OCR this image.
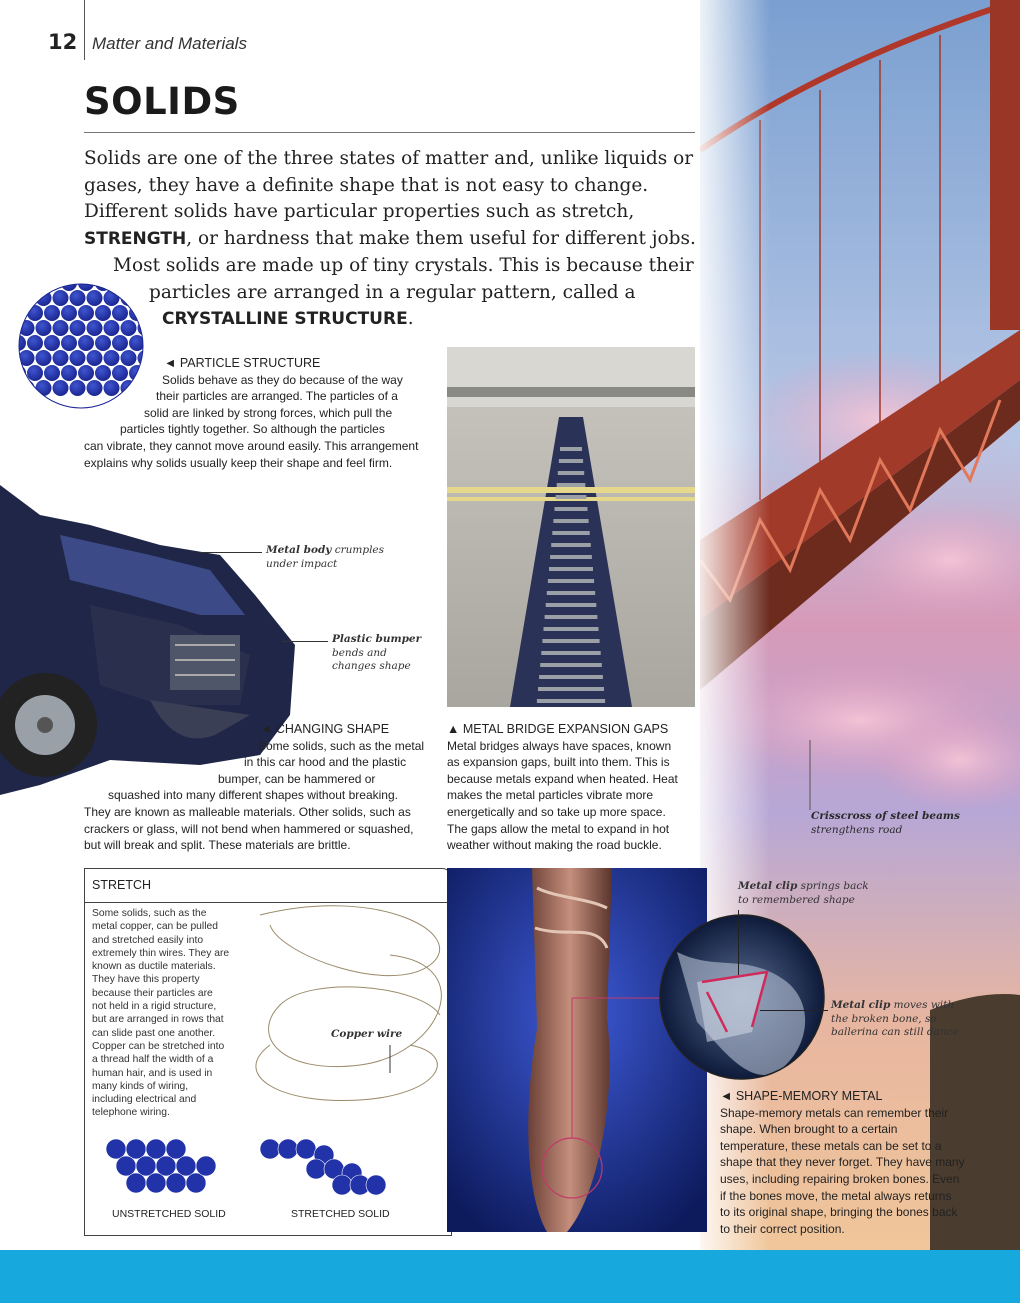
12 Matter and Materials
SOLIDS
Solids are one of the three states of matter and, unlike liquids or
gases, they have a definite shape that is not easy to change.
Different solids have particular properties such as stretch,
STRENGTH, or hardness that make them useful for different jobs.
Most solids are made up of tiny crystals. This is because their
particles are arranged in a regular pattern, called a
CRYSTALLINE STRUCTURE.
◄ PARTICLE STRUCTURE
Solids behave as they do because of the way
their particles are arranged. The particles of a
solid are linked by strong forces, which pull the
particles tightly together. So although the particles
can vibrate, they cannot move around easily. This arrangement
explains why solids usually keep their shape and feel firm.
Metal body crumples
under impact
Plastic bumper
bends and
changes shape
◄ CHANGING SHAPE
Some solids, such as the metal
in this car hood and the plastic
bumper, can be hammered or
squashed into many different shapes without breaking.
They are known as malleable materials. Other solids, such as
crackers or glass, will not bend when hammered or squashed,
but will break and split. These materials are brittle.
▲ METAL BRIDGE EXPANSION GAPS
Metal bridges always have spaces, known
as expansion gaps, built into them. This is
because metals expand when heated. Heat
makes the metal particles vibrate more
energetically and so take up more space.
The gaps allow the metal to expand in hot
weather without making the road buckle.
Crisscross of steel beams
strengthens road
STRETCH
Some solids, such as the
metal copper, can be pulled
and stretched easily into
extremely thin wires. They are
known as ductile materials.
They have this property
because their particles are
not held in a rigid structure,
but are arranged in rows that
can slide past one another.
Copper can be stretched into
a thread half the width of a
human hair, and is used in
many kinds of wiring,
including electrical and
telephone wiring.
Copper wire
UNSTRETCHED SOLID	STRETCHED SOLID
Metal clip springs back
to remembered shape
Metal clip moves with
the broken bone, so
ballerina can still dance
◄ SHAPE-MEMORY METAL
Shape-memory metals can remember their
shape. When brought to a certain
temperature, these metals can be set to a
shape that they never forget. They have many
uses, including repairing broken bones. Even
if the bones move, the metal always returns
to its original shape, bringing the bones back
to their correct position.
